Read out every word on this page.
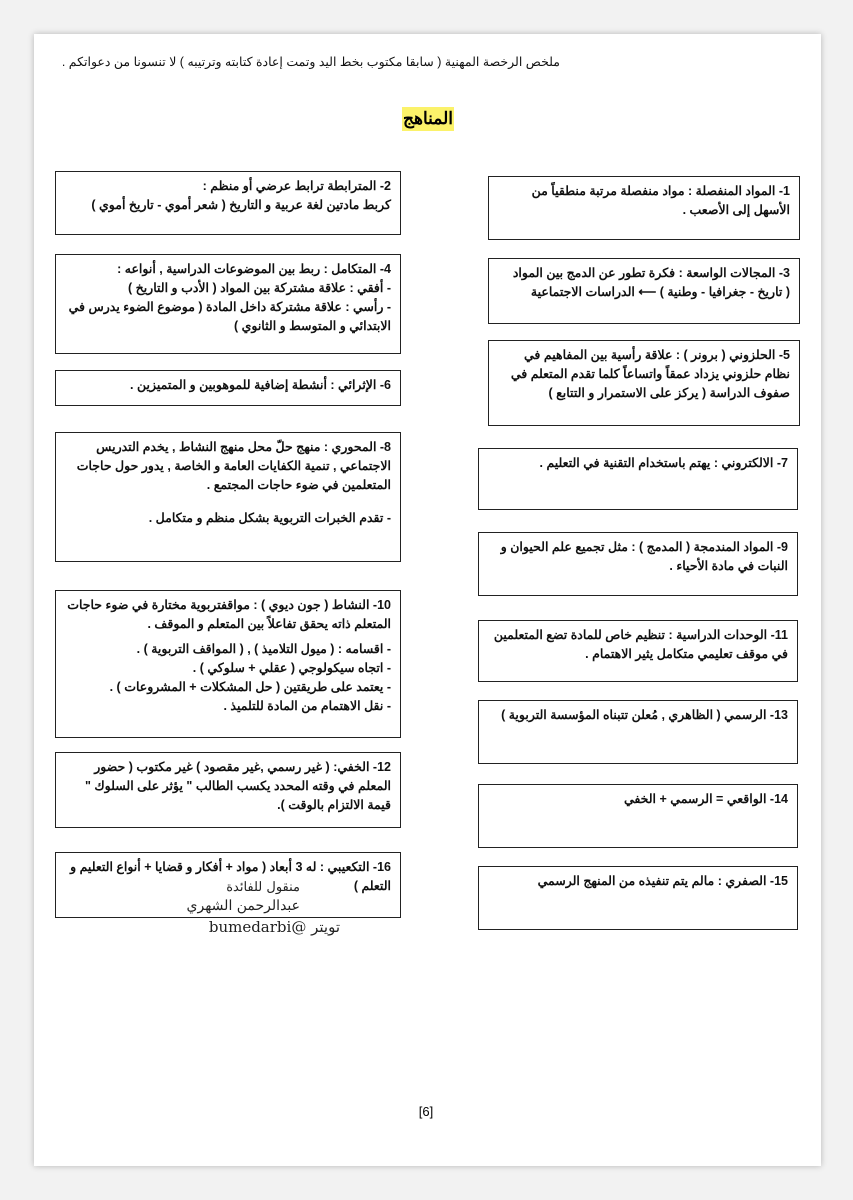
ملخص الرخصة المهنية ( سابقا مكتوب بخط اليد وتمت إعادة كتابته وترتيبه ) لا تنسونا من دعواتكم .
المناهج

1- المواد المنفصلة : مواد منفصلة مرتبة منطقياً من الأسهل إلى الأصعب .

3- المجالات الواسعة : فكرة تطور عن الدمج بين المواد

( تاريخ - جغرافيا - وطنية ) ⟵ الدراسات الاجتماعية

5- الحلزوني ( برونر ) : علاقة رأسية بين المفاهيم في نظام حلزوني يزداد عمقاً واتساعاً كلما تقدم المتعلم في صفوف الدراسة ( يركز على الاستمرار و التتابع )

7- الالكتروني : يهتم باستخدام التقنية في التعليم .

9- المواد المندمجة ( المدمج ) : مثل تجميع علم الحيوان و النبات في مادة الأحياء .

11- الوحدات الدراسية : تنظيم خاص للمادة تضع المتعلمين في موقف تعليمي متكامل يثير الاهتمام .

13- الرسمي ( الظاهري , مُعلن تتبناه المؤسسة التربوية )

14- الواقعي = الرسمي + الخفي

15- الصفري : مالم يتم تنفيذه من المنهج الرسمي

2- المترابطة ترابط عرضي أو منظم :

كربط مادتين لغة عربية و التاريخ ( شعر أموي - تاريخ أموي )

4- المتكامل : ربط بين الموضوعات الدراسية , أنواعه :

- أفقي : علاقة مشتركة بين المواد ( الأدب و التاريخ )

- رأسي : علاقة مشتركة داخل المادة ( موضوع الضوء يدرس في الابتدائي و المتوسط و الثانوي )

6- الإثرائي : أنشطة إضافية للموهوبين و المتميزين .

8- المحوري : منهج حلّ محل منهج النشاط , يخدم التدريس الاجتماعي , تنمية الكفايات العامة و الخاصة , يدور حول حاجات المتعلمين في ضوء حاجات المجتمع .

- تقدم الخبرات التربوية بشكل منظم و متكامل .

10- النشاط ( جون ديوي ) : مواقفتربوية مختارة في ضوء حاجات المتعلم ذاته يحقق تفاعلاً بين المتعلم و الموقف .

- اقسامه : ( ميول التلاميذ ) , ( المواقف التربوية ) .

- اتجاه سيكولوجي ( عقلي + سلوكي ) .

- يعتمد على طريقتين ( حل المشكلات + المشروعات ) .

- نقل الاهتمام من المادة للتلميذ .

12- الخفي: ( غير رسمي ,غير مقصود ) غير مكتوب ( حضور المعلم في وقته المحدد يكسب الطالب " يؤثر على السلوك " قيمة الالتزام بالوقت ).

16- التكعيبي : له 3 أبعاد ( مواد + أفكار و قضايا + أنواع التعليم و التعلم )

منقول للفائدة
عبدالرحمن الشهري
تويتر @bumedarbi
[6]
